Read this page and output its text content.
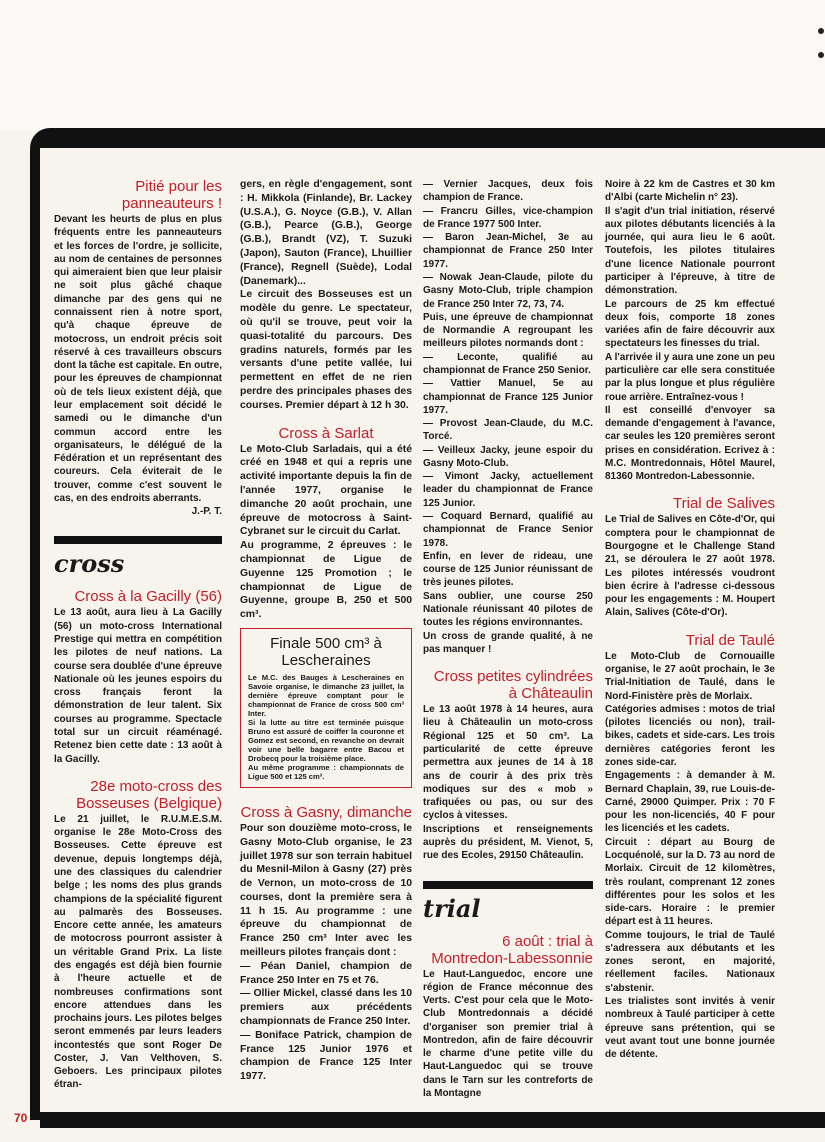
70
Pitié pour les panneauteurs !

Devant les heurts de plus en plus fréquents entre les panneauteurs et les forces de l'ordre, je sollicite, au nom de centaines de personnes qui aimeraient bien que leur plaisir ne soit plus gâché chaque dimanche par des gens qui ne connaissent rien à notre sport, qu'à chaque épreuve de motocross, un endroit précis soit réservé à ces travailleurs obscurs dont la tâche est capitale. En outre, pour les épreuves de championnat où de tels lieux existent déjà, que leur emplacement soit décidé le samedi ou le dimanche d'un commun accord entre les organisateurs, le délégué de la Fédération et un représentant des coureurs. Cela éviterait de le trouver, comme c'est souvent le cas, en des endroits aberrants.

J.-P. T.

cross
Cross à la Gacilly (56)

Le 13 août, aura lieu à La Gacilly (56) un moto-cross International Prestige qui mettra en compétition les pilotes de neuf nations. La course sera doublée d'une épreuve Nationale où les jeunes espoirs du cross français feront la démonstration de leur talent. Six courses au programme. Spectacle total sur un circuit réaménagé. Retenez bien cette date : 13 août à la Gacilly.

28e moto-cross des Bosseuses (Belgique)

Le 21 juillet, le R.U.M.E.S.M. organise le 28e Moto-Cross des Bosseuses. Cette épreuve est devenue, depuis longtemps déjà, une des classiques du calendrier belge ; les noms des plus grands champions de la spécialité figurent au palmarès des Bosseuses. Encore cette année, les amateurs de motocross pourront assister à un véritable Grand Prix. La liste des engagés est déjà bien fournie à l'heure actuelle et de nombreuses confirmations sont encore attendues dans les prochains jours. Les pilotes belges seront emmenés par leurs leaders incontestés que sont Roger De Coster, J. Van Velthoven, S. Geboers. Les principaux pilotes étran-

gers, en règle d'engagement, sont : H. Mikkola (Finlande), Br. Lackey (U.S.A.), G. Noyce (G.B.), V. Allan (G.B.), Pearce (G.B.), George (G.B.), Brandt (VZ), T. Suzuki (Japon), Sauton (France), Lhuillier (France), Regnell (Suède), Lodal (Danemark)...
Le circuit des Bosseuses est un modèle du genre. Le spectateur, où qu'il se trouve, peut voir la quasi-totalité du parcours. Des gradins naturels, formés par les versants d'une petite vallée, lui permettent en effet de ne rien perdre des principales phases des courses. Premier départ à 12 h 30.

Cross à Sarlat

Le Moto-Club Sarladais, qui a été créé en 1948 et qui a repris une activité importante depuis la fin de l'année 1977, organise le dimanche 20 août prochain, une épreuve de motocross à Saint-Cybranet sur le circuit du Carlat.
Au programme, 2 épreuves : le championnat de Ligue de Guyenne 125 Promotion ; le championnat de Ligue de Guyenne, groupe B, 250 et 500 cm³.

Finale 500 cm³ à Lescheraines
Le M.C. des Bauges à Lescheraines en Savoie organise, le dimanche 23 juillet, la dernière épreuve comptant pour le championnat de France de cross 500 cm³ Inter.
Si la lutte au titre est terminée puisque Bruno est assuré de coiffer la couronne et Gomez est second, en revanche on devrait voir une belle bagarre entre Bacou et Drobecq pour la troisième place.
Au même programme : championnats de Ligue 500 et 125 cm³.
Cross à Gasny, dimanche

Pour son douzième moto-cross, le Gasny Moto-Club organise, le 23 juillet 1978 sur son terrain habituel du Mesnil-Milon à Gasny (27) près de Vernon, un moto-cross de 10 courses, dont la première sera à 11 h 15. Au programme : une épreuve du championnat de France 250 cm³ Inter avec les meilleurs pilotes français dont :
— Péan Daniel, champion de France 250 Inter en 75 et 76.
— Ollier Mickel, classé dans les 10 premiers aux précédents championnats de France 250 Inter.
— Boniface Patrick, champion de France 125 Junior 1976 et champion de France 125 Inter 1977.

— Vernier Jacques, deux fois champion de France.
— Francru Gilles, vice-champion de France 1977 500 Inter.
— Baron Jean-Michel, 3e au championnat de France 250 Inter 1977.
— Nowak Jean-Claude, pilote du Gasny Moto-Club, triple champion de France 250 Inter 72, 73, 74.
Puis, une épreuve de championnat de Normandie A regroupant les meilleurs pilotes normands dont :
— Leconte, qualifié au championnat de France 250 Senior.
— Vattier Manuel, 5e au championnat de France 125 Junior 1977.
— Provost Jean-Claude, du M.C. Torcé.
— Veilleux Jacky, jeune espoir du Gasny Moto-Club.
— Vimont Jacky, actuellement leader du championnat de France 125 Junior.
— Coquard Bernard, qualifié au championnat de France Senior 1978.
Enfin, en lever de rideau, une course de 125 Junior réunissant de très jeunes pilotes.
Sans oublier, une course 250 Nationale réunissant 40 pilotes de toutes les régions environnantes.
Un cross de grande qualité, à ne pas manquer !

Cross petites cylindrées à Châteaulin

Le 13 août 1978 à 14 heures, aura lieu à Châteaulin un moto-cross Régional 125 et 50 cm³. La particularité de cette épreuve permettra aux jeunes de 14 à 18 ans de courir à des prix très modiques sur des « mob » trafiquées ou pas, ou sur des cyclos à vitesses.
Inscriptions et renseignements auprès du président, M. Vienot, 5, rue des Ecoles, 29150 Châteaulin.

trial
6 août : trial à Montredon-Labessonnie

Le Haut-Languedoc, encore une région de France méconnue des Verts. C'est pour cela que le Moto-Club Montredonnais a décidé d'organiser son premier trial à Montredon, afin de faire découvrir le charme d'une petite ville du Haut-Languedoc qui se trouve dans le Tarn sur les contreforts de la Montagne

Noire à 22 km de Castres et 30 km d'Albi (carte Michelin n° 23).
Il s'agit d'un trial initiation, réservé aux pilotes débutants licenciés à la journée, qui aura lieu le 6 août. Toutefois, les pilotes titulaires d'une licence Nationale pourront participer à l'épreuve, à titre de démonstration.
Le parcours de 25 km effectué deux fois, comporte 18 zones variées afin de faire découvrir aux spectateurs les finesses du trial.
A l'arrivée il y aura une zone un peu particulière car elle sera constituée par la plus longue et plus régulière roue arrière. Entraînez-vous !
Il est conseillé d'envoyer sa demande d'engagement à l'avance, car seules les 120 premières seront prises en considération. Ecrivez à : M.C. Montredonnais, Hôtel Maurel, 81360 Montredon-Labessonnie.

Trial de Salives

Le Trial de Salives en Côte-d'Or, qui comptera pour le championnat de Bourgogne et le Challenge Stand 21, se déroulera le 27 août 1978. Les pilotes intéressés voudront bien écrire à l'adresse ci-dessous pour les engagements : M. Houpert Alain, Salives (Côte-d'Or).

Trial de Taulé

Le Moto-Club de Cornouaille organise, le 27 août prochain, le 3e Trial-Initiation de Taulé, dans le Nord-Finistère près de Morlaix.
Catégories admises : motos de trial (pilotes licenciés ou non), trail-bikes, cadets et side-cars. Les trois dernières catégories feront les zones side-car.
Engagements : à demander à M. Bernard Chaplain, 39, rue Louis-de-Carné, 29000 Quimper. Prix : 70 F pour les non-licenciés, 40 F pour les licenciés et les cadets.
Circuit : départ au Bourg de Locquénolé, sur la D. 73 au nord de Morlaix. Circuit de 12 kilomètres, très roulant, comprenant 12 zones différentes pour les solos et les side-cars. Horaire : le premier départ est à 11 heures.
Comme toujours, le trial de Taulé s'adressera aux débutants et les zones seront, en majorité, réellement faciles. Nationaux s'abstenir.
Les trialistes sont invités à venir nombreux à Taulé participer à cette épreuve sans prétention, qui se veut avant tout une bonne journée de détente.
